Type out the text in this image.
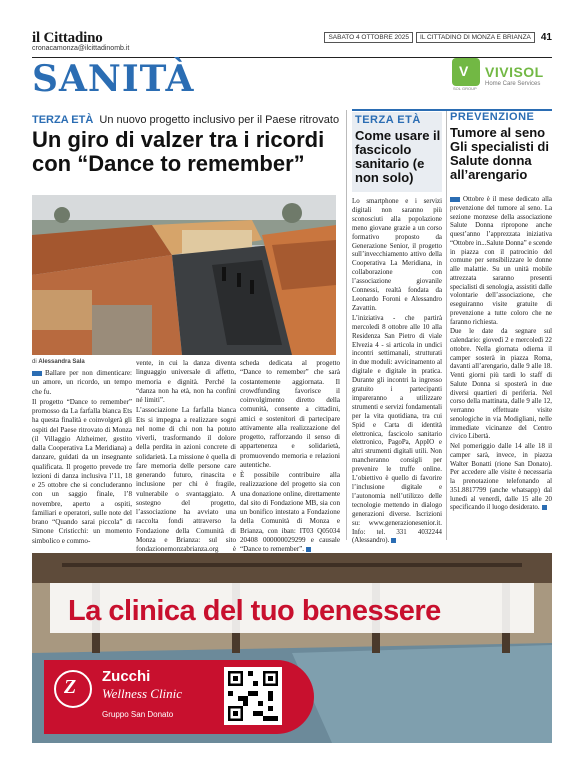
il Cittadino
cronacamonza@ilcittadinomb.it
SABATO 4 OTTOBRE 2025	IL CITTADINO DI MONZA E BRIANZA	41
SANITÀ	V VIVISOL
Home Care Services
SOL GROUP
TERZA ETÀ Un nuovo progetto inclusivo per il Paese ritrovato
Un giro di valzer tra i ricordi con “Dance to remember”
di Alessandra Sala

Ballare per non dimenticare: un amore, un ricordo, un tempo che fu.

Il progetto “Dance to remember” promosso da La farfalla bianca Ets ha questa finalità e coinvolgerà gli ospiti del Paese ritrovato di Monza (il Villaggio Alzheimer, gestito dalla Cooperativa La Meridiana) a danzare, guidati da un insegnante qualificata. Il progetto prevede tre lezioni di danza inclusiva l’11, 18 e 25 ottobre che si concluderanno con un saggio finale, l’8 novembre, aperto a ospiti, familiari e operatori, sulle note del brano “Quando sarai piccola” di Simone Cristicchi: un momento simbolico e commo-

vente, in cui la danza diventa linguaggio universale di affetto, memoria e dignità. Perché la “danza non ha età, non ha confini né limiti”.

L’associazione La farfalla bianca Ets si impegna a realizzare sogni nel nome di chi non ha potuto viverli, trasformando il dolore della perdita in azioni concrete di solidarietà. La missione è quella di fare memoria delle persone care generando futuro, rinascita e inclusione per chi è fragile, vulnerabile o svantaggiato. A sostegno del progetto, l’associazione ha avviato una raccolta fondi attraverso la Fondazione della Comunità di Monza e Brianza: sul sito fondazionemonzabrianza.org è

scheda dedicata al progetto “Dance to remember” che sarà costantemente aggiornata. Il crowdfunding favorisce il coinvolgimento diretto della comunità, consente a cittadini, amici e sostenitori di partecipare attivamente alla realizzazione del progetto, rafforzando il senso di appartenenza e solidarietà, promuovendo memoria e relazioni autentiche.

È possibile contribuire alla realizzazione del progetto sia con una donazione online, direttamente dal sito di Fondazione MB, sia con un bonifico intestato a Fondazione della Comunità di Monza e Brianza, con iban: IT03 Q05034 20408 000000029299 e causale “Dance to remember”.

TERZA ETÀ
Come usare il fascicolo sanitario (e non solo)

Lo smartphone e i servizi digitali non saranno più sconosciuti alla popolazione meno giovane grazie a un corso formativo proposto da Generazione Senior, il progetto sull’invecchiamento attivo della Cooperativa La Meridiana, in collaborazione con l’associazione giovanile Connessi, realtà fondata da Leonardo Foroni e Alessandro Zavattin.

L’iniziativa - che partirà mercoledì 8 ottobre alle 10 alla Residenza San Pietro di viale Elvezia 4 - si articola in undici incontri settimanali, strutturati in due moduli: avvicinamento al digitale e digitale in pratica. Durante gli incontri la ingresso gratuito i partecipanti impareranno a utilizzare strumenti e servizi fondamentali per la vita quotidiana, tra cui Spid e Carta di identità elettronica, fascicolo sanitario elettronico, PagoPa, AppIO e altri strumenti digitali utili. Non mancheranno consigli per prevenire le truffe online. L’obiettivo è quello di favorire l’inclusione digitale e l’autonomia nell’utilizzo delle tecnologie mettendo in dialogo generazioni diverse. Iscrizioni su: www.generazionesenior.it. Info: tel. 331 4032244 (Alessandro).

PREVENZIONE
Tumore al seno Gli specialisti di Salute donna all’arengario

Ottobre è il mese dedicato alla prevenzione del tumore al seno. La sezione monzese della associazione Salute Donna ripropone anche quest’anno l’apprezzata iniziativa “Ottobre in...Salute Donna” e scende in piazza con il patrocinio del comune per sensibilizzare le donne alle malattie. Su un unità mobile attrezzata saranno presenti specialisti di senologia, assistiti dalle volontarie dell’associazione, che eseguiranno visite gratuite di prevenzione a tutte coloro che ne faranno richiesta.

Due le date da segnare sul calendario: giovedì 2 e mercoledì 22 ottobre. Nella giornata odierna il camper sosterà in piazza Roma, davanti all’arengario, dalle 9 alle 18. Venti giorni più tardi lo staff di Salute Donna si sposterà in due diversi quartieri di periferia. Nel corso della mattinata, dalle 9 alle 12, verranno effettuate visite senologiche in via Modigliani, nelle immediate vicinanze del Centro civico Libertà.

Nel pomeriggio dalle 14 alle 18 il camper sarà, invece, in piazza Walter Bonatti (rione San Donato). Per accedere alle visite è necessaria la prenotazione telefonando al 351.8817799 (anche whatsapp) dal lunedì al venerdì, dalle 15 alle 20 specificando il luogo desiderato.

La clinica del tuo benessere
Z Zucchi
Wellness Clinic
Gruppo San Donato
